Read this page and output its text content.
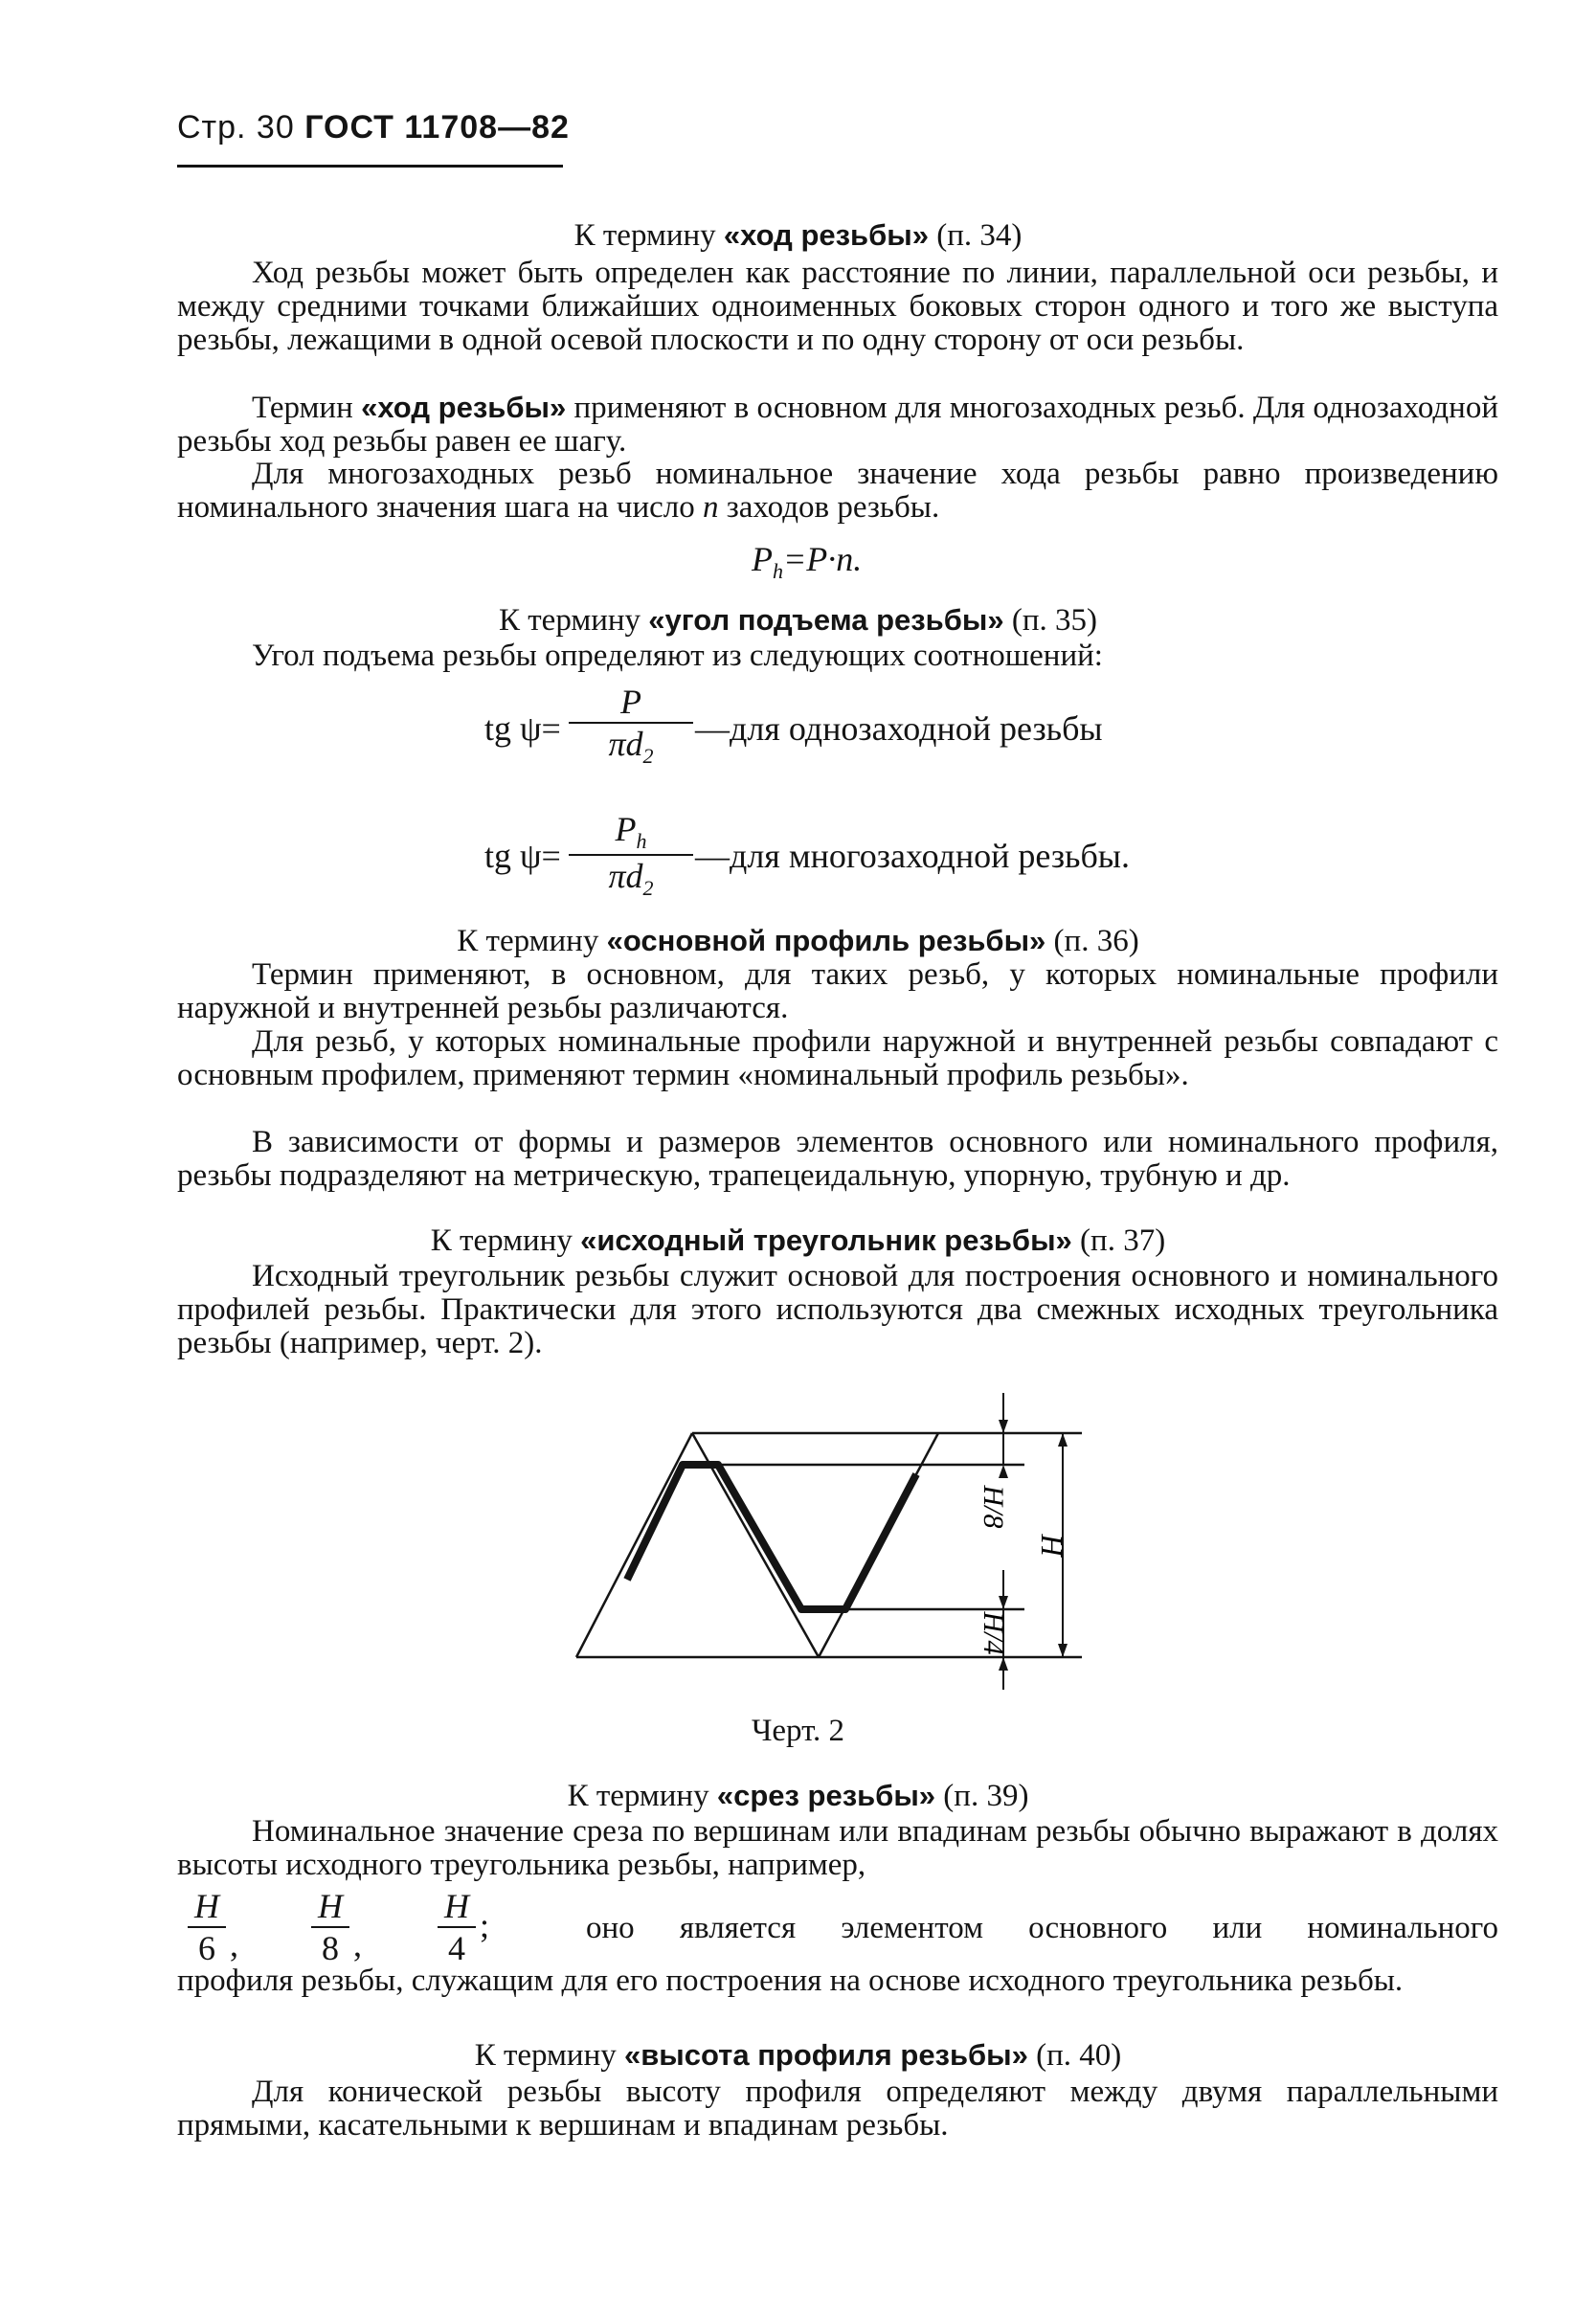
Стр. 30 ГОСТ 11708—82
К термину «ход резьбы» (п. 34)
Ход резьбы может быть определен как расстояние по линии, параллельной оси резьбы, и между средними точками ближайших одноименных боковых сторон одного и того же выступа резьбы, лежащими в одной осевой плоскости и по одну сторону от оси резьбы.
Термин «ход резьбы» применяют в основном для многозаходных резьб. Для однозаходной резьбы ход резьбы равен ее шагу.
Для многозаходных резьб номинальное значение хода резьбы равно произведению номинального значения шага на число n заходов резьбы.
$P_h=P\cdot n$.
К термину «угол подъема резьбы» (п. 35)
Угол подъема резьбы определяют из следующих соотношений:
tg ψ=
P
$\pi d_2$
—для однозаходной резьбы
tg ψ=
$P_h$
$\pi d_2$
—для многозаходной резьбы.
К термину «основной профиль резьбы» (п. 36)
Термин применяют, в основном, для таких резьб, у которых номинальные профили наружной и внутренней резьбы различаются.
Для резьб, у которых номинальные профили наружной и внутренней резьбы совпадают с основным профилем, применяют термин «номинальный профиль резьбы».
В зависимости от формы и размеров элементов основного или номинального профиля, резьбы подразделяют на метрическую, трапецеидальную, упорную, трубную и др.
К термину «исходный треугольник резьбы» (п. 37)
Исходный треугольник резьбы служит основой для построения основного и номинального профилей резьбы. Практически для этого используются два смежных исходных треугольника резьбы (например, черт. 2).
H/8
H/4
H
Черт. 2
К термину «срез резьбы» (п. 39)
Номинальное значение среза по вершинам или впадинам резьбы обычно выражают в долях высоты исходного треугольника резьбы, например,
H
6 ,
H
8 ,
H
4
;	оно является элементом основного или номинального
профиля резьбы, служащим для его построения на основе исходного треугольника резьбы.
К термину «высота профиля резьбы» (п. 40)
Для конической резьбы высоту профиля определяют между двумя параллельными прямыми, касательными к вершинам и впадинам резьбы.
